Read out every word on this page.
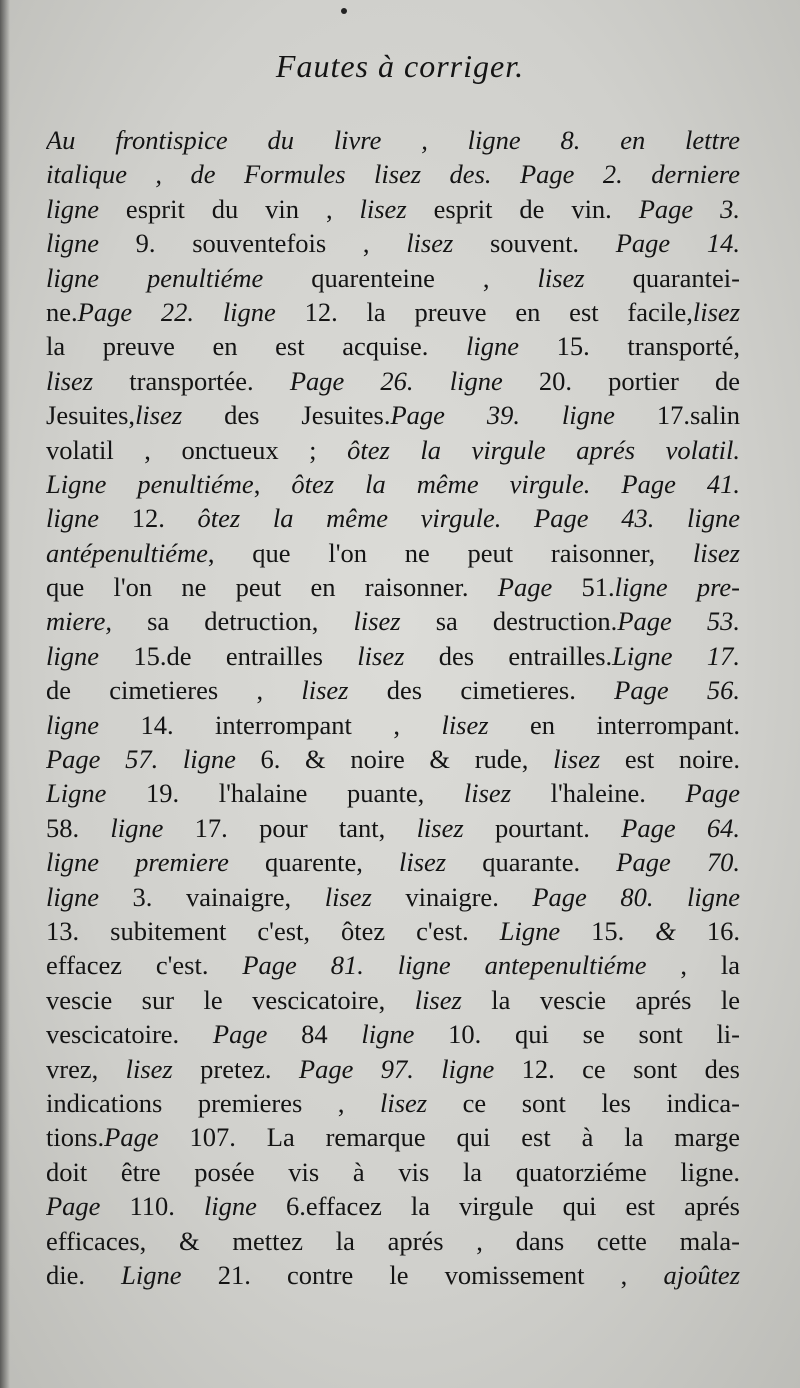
Fautes à corriger.
Au frontispice du livre , ligne 8. en lettre
italique , de Formules lisez des. Page 2. derniere
ligne esprit du vin , lisez esprit de vin. Page 3.
ligne 9. souventefois , lisez souvent. Page 14.
ligne penultiéme quarenteine , lisez quarantei-
ne.Page 22. ligne 12. la preuve en est facile,lisez
la preuve en est acquise. ligne 15. transporté,
lisez transportée. Page 26. ligne 20. portier de
Jesuites,lisez des Jesuites.Page 39. ligne 17.salin
volatil , onctueux ; ôtez la virgule aprés volatil.
Ligne penultiéme, ôtez la même virgule. Page 41.
ligne 12. ôtez la même virgule. Page 43. ligne
antépenultiéme, que l'on ne peut raisonner, lisez
que l'on ne peut en raisonner. Page 51.ligne pre-
miere, sa detruction, lisez sa destruction.Page 53.
ligne 15.de entrailles lisez des entrailles.Ligne 17.
de cimetieres , lisez des cimetieres. Page 56.
ligne 14. interrompant , lisez en interrompant.
Page 57. ligne 6. & noire & rude, lisez est noire.
Ligne 19. l'halaine puante, lisez l'haleine. Page
58. ligne 17. pour tant, lisez pourtant. Page 64.
ligne premiere quarente, lisez quarante. Page 70.
ligne 3. vainaigre, lisez vinaigre. Page 80. ligne
13. subitement c'est, ôtez c'est. Ligne 15. & 16.
effacez c'est. Page 81. ligne antepenultiéme , la
vescie sur le vescicatoire, lisez la vescie aprés le
vescicatoire. Page 84 ligne 10. qui se sont li-
vrez, lisez pretez. Page 97. ligne 12. ce sont des
indications premieres , lisez ce sont les indica-
tions.Page 107. La remarque qui est à la marge
doit être posée vis à vis la quatorziéme ligne.
Page 110. ligne 6.effacez la virgule qui est aprés
efficaces, & mettez la aprés , dans cette mala-
die. Ligne 21. contre le vomissement , ajoûtez
